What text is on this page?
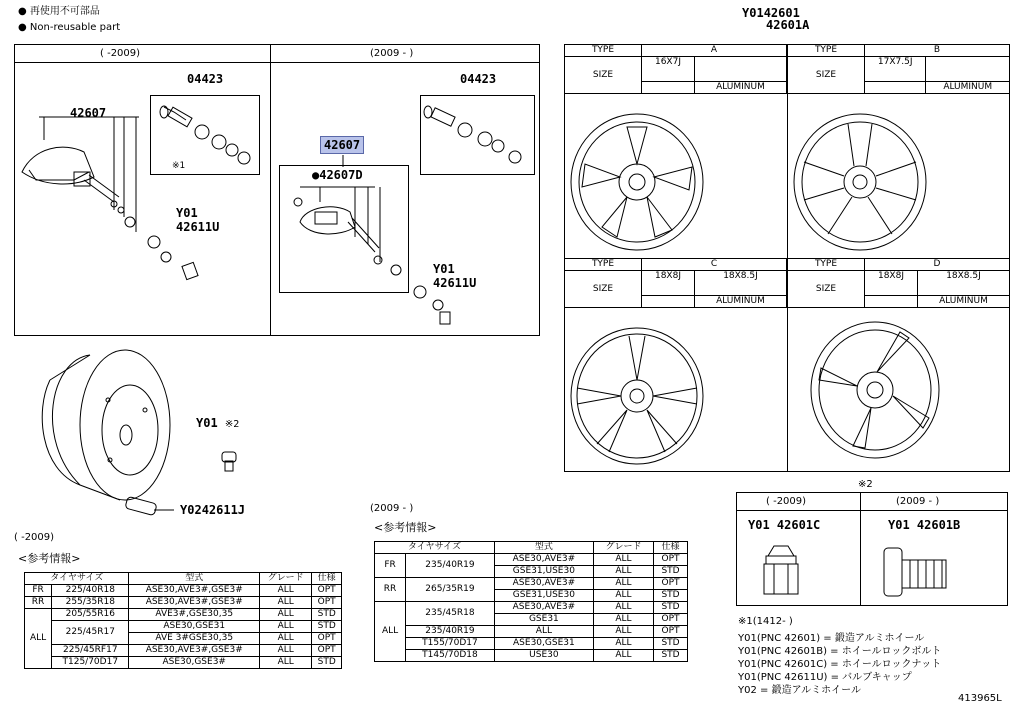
● 再使用不可部品
● Non-reusable part
( -2009)	(2009 - )
04423
42607
※1
Y01
42611U
04423
42607
●42607D
Y01
42611U
Y01 ※2
Y0242611J
Y0142601
42601A
TYPE	A	
SIZE	16X7J	
		ALUMINUM
TYPE	B	
SIZE	17X7.5J	
		ALUMINUM
TYPE	C	
SIZE	18X8J	18X8.5J
		ALUMINUM
TYPE	D	
SIZE	18X8J	18X8.5J
		ALUMINUM
( -2009)
<参考情報>
タイヤサイズ		型式	グレード	仕様
FR	225/40R18	ASE30,AVE3#,GSE3#	ALL	OPT
RR	255/35R18	ASE30,AVE3#,GSE3#	ALL	OPT
ALL	205/55R16	AVE3#,GSE30,35	ALL	STD
	225/45R17	ASE30,GSE31	ALL	STD
		AVE 3#GSE30,35	ALL	OPT
	225/45RF17	ASE30,AVE3#,GSE3#	ALL	OPT
	T125/70D17	ASE30,GSE3#	ALL	STD
(2009 - )
<参考情報>
タイヤサイズ		型式	グレード	仕様
FR	235/40R19	ASE30,AVE3#	ALL	OPT
		GSE31,USE30	ALL	STD
RR	265/35R19	ASE30,AVE3#	ALL	OPT
		GSE31,USE30	ALL	STD
ALL	235/45R18	ASE30,AVE3#	ALL	STD
		GSE31	ALL	OPT
	235/40R19	ALL	ALL	OPT
	T155/70D17	ASE30,GSE31	ALL	STD
	T145/70D18	USE30	ALL	STD
※2
( -2009)	(2009 - )
Y01 42601C	Y01 42601B
※1(1412- )
Y01(PNC 42601) = 鍛造アルミホイール
Y01(PNC 42601B) = ホイールロックボルト
Y01(PNC 42601C) = ホイールロックナット
Y01(PNC 42611U) = バルブキャップ
Y02 = 鍛造アルミホイール
413965L
